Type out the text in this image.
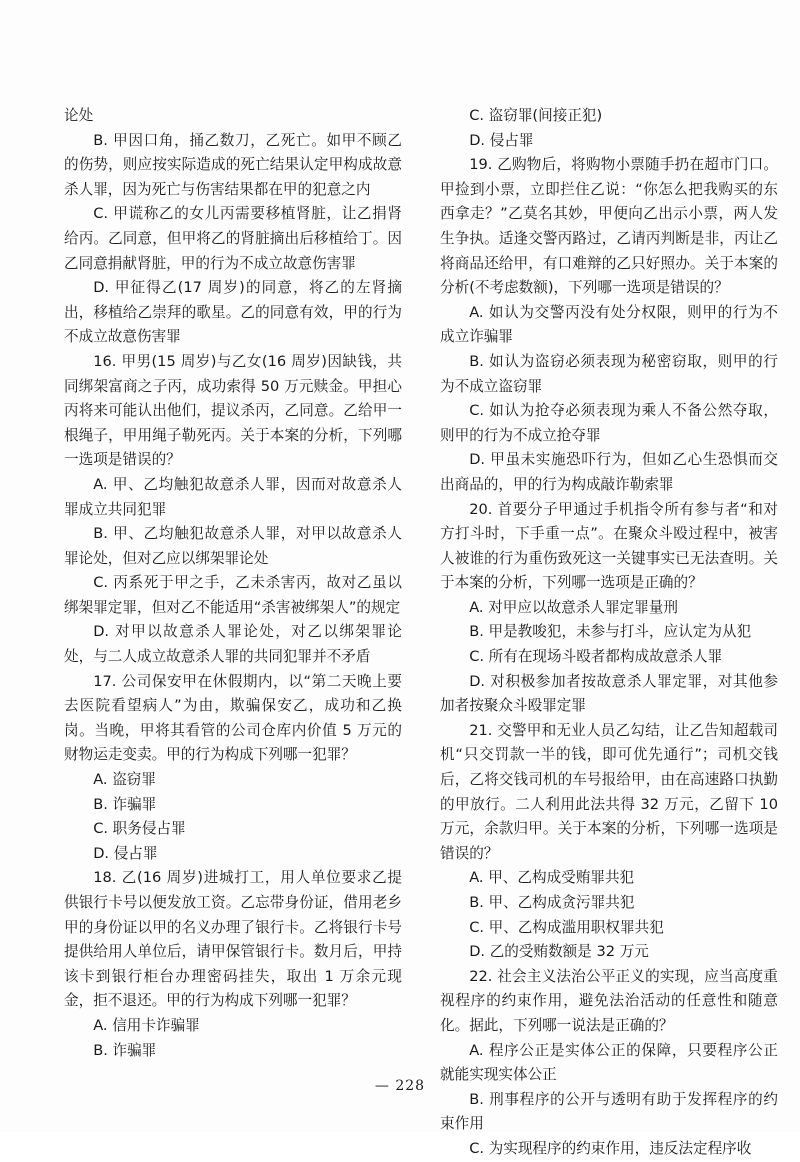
论处

B. 甲因口角，捅乙数刀，乙死亡。如甲不顾乙的伤势，则应按实际造成的死亡结果认定甲构成故意杀人罪，因为死亡与伤害结果都在甲的犯意之内

C. 甲谎称乙的女儿丙需要移植肾脏，让乙捐肾给丙。乙同意，但甲将乙的肾脏摘出后移植给丁。因乙同意捐献肾脏，甲的行为不成立故意伤害罪

D. 甲征得乙(17 周岁)的同意，将乙的左肾摘出，移植给乙崇拜的歌星。乙的同意有效，甲的行为不成立故意伤害罪

16. 甲男(15 周岁)与乙女(16 周岁)因缺钱，共同绑架富商之子丙，成功索得 50 万元赎金。甲担心丙将来可能认出他们，提议杀丙，乙同意。乙给甲一根绳子，甲用绳子勒死丙。关于本案的分析，下列哪一选项是错误的？

A. 甲、乙均触犯故意杀人罪，因而对故意杀人罪成立共同犯罪

B. 甲、乙均触犯故意杀人罪，对甲以故意杀人罪论处，但对乙应以绑架罪论处

C. 丙系死于甲之手，乙未杀害丙，故对乙虽以绑架罪定罪，但对乙不能适用“杀害被绑架人”的规定

D. 对甲以故意杀人罪论处，对乙以绑架罪论处，与二人成立故意杀人罪的共同犯罪并不矛盾

17. 公司保安甲在休假期内，以“第二天晚上要去医院看望病人”为由，欺骗保安乙，成功和乙换岗。当晚，甲将其看管的公司仓库内价值 5 万元的财物运走变卖。甲的行为构成下列哪一犯罪？

A. 盗窃罪

B. 诈骗罪

C. 职务侵占罪

D. 侵占罪

18. 乙(16 周岁)进城打工，用人单位要求乙提供银行卡号以便发放工资。乙忘带身份证，借用老乡甲的身份证以甲的名义办理了银行卡。乙将银行卡号提供给用人单位后，请甲保管银行卡。数月后，甲持该卡到银行柜台办理密码挂失，取出 1 万余元现金，拒不退还。甲的行为构成下列哪一犯罪？

A. 信用卡诈骗罪

B. 诈骗罪

C. 盗窃罪(间接正犯)

D. 侵占罪

19. 乙购物后，将购物小票随手扔在超市门口。甲捡到小票，立即拦住乙说：“你怎么把我购买的东西拿走？”乙莫名其妙，甲便向乙出示小票，两人发生争执。适逢交警丙路过，乙请丙判断是非，丙让乙将商品还给甲，有口难辩的乙只好照办。关于本案的分析(不考虑数额)，下列哪一选项是错误的？

A. 如认为交警丙没有处分权限，则甲的行为不成立诈骗罪

B. 如认为盗窃必须表现为秘密窃取，则甲的行为不成立盗窃罪

C. 如认为抢夺必须表现为乘人不备公然夺取，则甲的行为不成立抢夺罪

D. 甲虽未实施恐吓行为，但如乙心生恐惧而交出商品的，甲的行为构成敲诈勒索罪

20. 首要分子甲通过手机指令所有参与者“和对方打斗时，下手重一点”。在聚众斗殴过程中，被害人被谁的行为重伤致死这一关键事实已无法查明。关于本案的分析，下列哪一选项是正确的？

A. 对甲应以故意杀人罪定罪量刑

B. 甲是教唆犯，未参与打斗，应认定为从犯

C. 所有在现场斗殴者都构成故意杀人罪

D. 对积极参加者按故意杀人罪定罪，对其他参加者按聚众斗殴罪定罪

21. 交警甲和无业人员乙勾结，让乙告知超载司机“只交罚款一半的钱，即可优先通行”；司机交钱后，乙将交钱司机的车号报给甲，由在高速路口执勤的甲放行。二人利用此法共得 32 万元，乙留下 10 万元，余款归甲。关于本案的分析，下列哪一选项是错误的？

A. 甲、乙构成受贿罪共犯

B. 甲、乙构成贪污罪共犯

C. 甲、乙构成滥用职权罪共犯

D. 乙的受贿数额是 32 万元

22. 社会主义法治公平正义的实现，应当高度重视程序的约束作用，避免法治活动的任意性和随意化。据此，下列哪一说法是正确的？

A. 程序公正是实体公正的保障，只要程序公正就能实现实体公正

B. 刑事程序的公开与透明有助于发挥程序的约束作用

C. 为实现程序的约束作用，违反法定程序收

— 228
